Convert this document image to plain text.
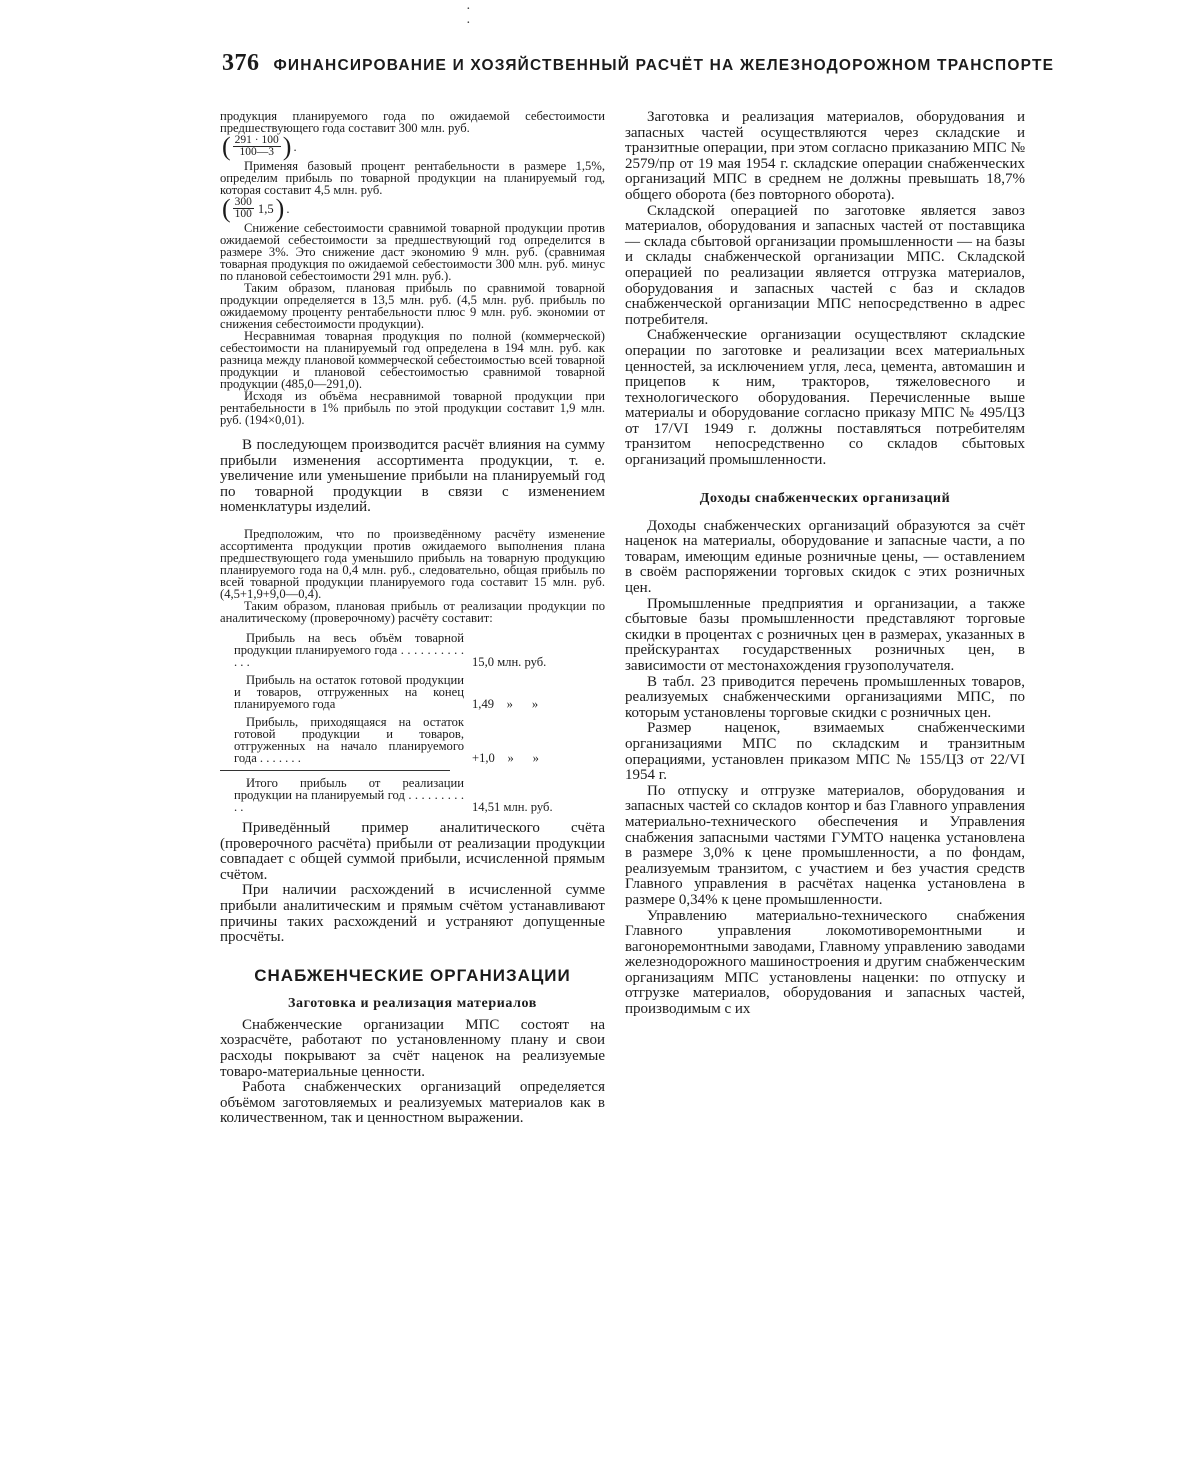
·
·
376 ФИНАНСИРОВАНИЕ И ХОЗЯЙСТВЕННЫЙ РАСЧЁТ НА ЖЕЛЕЗНОДОРОЖНОМ ТРАНСПОРТЕ

продукция планируемого года по ожидаемой себестоимости предшествующего года составит 300 млн. руб.

( $\frac{291 \cdot 100}{100—3}$ ) .

Применяя базовый процент рентабельности в размере 1,5%, определим прибыль по товарной продукции на планируемый год, которая составит 4,5 млн. руб.

( $\frac{300}{100} 1,5$ ) .

Снижение себестоимости сравнимой товарной продукции против ожидаемой себестоимости за предшествующий год определится в размере 3%. Это снижение даст экономию 9 млн. руб. (сравнимая товарная продукция по ожидаемой себестоимости 300 млн. руб. минус по плановой себестоимости 291 млн. руб.).

Таким образом, плановая прибыль по сравнимой товарной продукции определяется в 13,5 млн. руб. (4,5 млн. руб. прибыль по ожидаемому проценту рентабельности плюс 9 млн. руб. экономии от снижения себестоимости продукции).

Несравнимая товарная продукция по полной (коммерческой) себестоимости на планируемый год определена в 194 млн. руб. как разница между плановой коммерческой себестоимостью всей товарной продукции и плановой себестоимостью сравнимой товарной продукции (485,0—291,0).

Исходя из объёма несравнимой товарной продукции при рентабельности в 1% прибыль по этой продукции составит 1,9 млн. руб. (194×0,01).

В последующем производится расчёт влияния на сумму прибыли изменения ассортимента продукции, т. е. увеличение или уменьшение прибыли на планируемый год по товарной продукции в связи с изменением номенклатуры изделий.

Предположим, что по произведённому расчёту изменение ассортимента продукции против ожидаемого выполнения плана предшествующего года уменьшило прибыль на товарную продукцию планируемого года на 0,4 млн. руб., следовательно, общая прибыль по всей товарной продукции планируемого года составит 15 млн. руб. (4,5+1,9+9,0—0,4).

Таким образом, плановая прибыль от реализации продукции по аналитическому (проверочному) расчёту составит:

Прибыль на весь объём товарной продукции планируемого года . . . . . . . . . . . . .	15,0 млн. руб.
Прибыль на остаток готовой продукции и товаров, отгруженных на конец планируемого года	1,49    »      »
Прибыль, приходящаяся на остаток готовой продукции и товаров, отгруженных на начало планируемого года . . . . . . .	+1,0    »      »
Итого прибыль от реализации продукции на планируемый год . . . . . . . . . . .	14,51 млн. руб.

Приведённый пример аналитического счёта (проверочного расчёта) прибыли от реализации продукции совпадает с общей суммой прибыли, исчисленной прямым счётом.

При наличии расхождений в исчисленной сумме прибыли аналитическим и прямым счётом устанавливают причины таких расхождений и устраняют допущенные просчёты.

СНАБЖЕНЧЕСКИЕ ОРГАНИЗАЦИИ
Заготовка и реализация материалов

Снабженческие организации МПС состоят на хозрасчёте, работают по установленному плану и свои расходы покрывают за счёт наценок на реализуемые товаро-материальные ценности.

Работа снабженческих организаций определяется объёмом заготовляемых и реализуемых материалов как в количественном, так и ценностном выражении.

Заготовка и реализация материалов, оборудования и запасных частей осуществляются через складские и транзитные операции, при этом согласно приказанию МПС № 2579/пр от 19 мая 1954 г. складские операции снабженческих организаций МПС в среднем не должны превышать 18,7% общего оборота (без повторного оборота).

Складской операцией по заготовке является завоз материалов, оборудования и запасных частей от поставщика — склада сбытовой организации промышленности — на базы и склады снабженческой организации МПС. Складской операцией по реализации является отгрузка материалов, оборудования и запасных частей с баз и складов снабженческой организации МПС непосредственно в адрес потребителя.

Снабженческие организации осуществляют складские операции по заготовке и реализации всех материальных ценностей, за исключением угля, леса, цемента, автомашин и прицепов к ним, тракторов, тяжеловесного и технологического оборудования. Перечисленные выше материалы и оборудование согласно приказу МПС № 495/ЦЗ от 17/VI 1949 г. должны поставляться потребителям транзитом непосредственно со складов сбытовых организаций промышленности.

Доходы снабженческих организаций

Доходы снабженческих организаций образуются за счёт наценок на материалы, оборудование и запасные части, а по товарам, имеющим единые розничные цены, — оставлением в своём распоряжении торговых скидок с этих розничных цен.

Промышленные предприятия и организации, а также сбытовые базы промышленности представляют торговые скидки в процентах с розничных цен в размерах, указанных в прейскурантах государственных розничных цен, в зависимости от местонахождения грузополучателя.

В табл. 23 приводится перечень промышленных товаров, реализуемых снабженческими организациями МПС, по которым установлены торговые скидки с розничных цен.

Размер наценок, взимаемых снабженческими организациями МПС по складским и транзитным операциями, установлен приказом МПС № 155/ЦЗ от 22/VI 1954 г.

По отпуску и отгрузке материалов, оборудования и запасных частей со складов контор и баз Главного управления материально-технического обеспечения и Управления снабжения запасными частями ГУМТО наценка установлена в размере 3,0% к цене промышленности, а по фондам, реализуемым транзитом, с участием и без участия средств Главного управления в расчётах наценка установлена в размере 0,34% к цене промышленности.

Управлению материально-технического снабжения Главного управления локомотиворемонтными и вагоноремонтными заводами, Главному управлению заводами железнодорожного машиностроения и другим снабженческим организациям МПС установлены наценки: по отпуску и отгрузке материалов, оборудования и запасных частей, производимым с их
